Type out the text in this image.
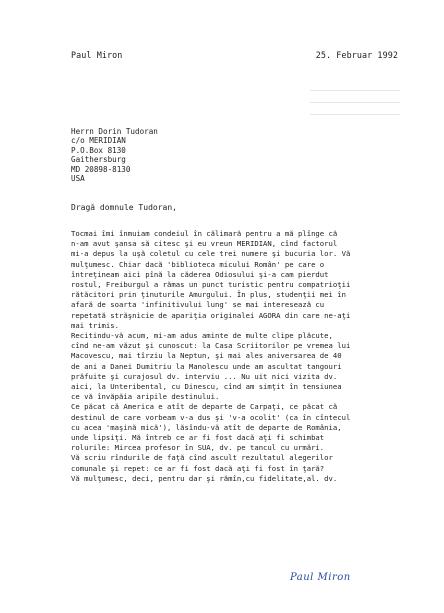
Paul Miron	25. Februar 1992
Herrn Dorin Tudoran
c/o MERIDIAN
P.O.Box 8130
Gaithersburg
MD 20898-8130
USA
Dragă domnule Tudoran,
Tocmai îmi înmuiam condeiul în călimară pentru a mă plînge că
n-am avut şansa să citesc şi eu vreun MERIDIAN, cînd factorul
mi-a depus la uşă coletul cu cele trei numere şi bucuria lor. Vă
mulţumesc. Chiar dacă 'biblioteca micului Român' pe care o
întreţineam aici pînă la căderea Odiosului şi-a cam pierdut
rostul, Freiburgul a rămas un punct turistic pentru compatrioţii
rătăcitori prin ţinuturile Amurgului. În plus, studenţii mei în
afară de soarta 'infinitivului lung' se mai interesează cu
repetată străşnicie de apariţia originalei AGORA din care ne-aţi
mai trimis.
Recitindu-vă acum, mi-am adus aminte de multe clipe plăcute,
cînd ne-am văzut şi cunoscut: la Casa Scriitorilor pe vremea lui
Macovescu, mai tîrziu la Neptun, şi mai ales aniversarea de 40
de ani a Danei Dumitriu la Manolescu unde am ascultat tangouri
prăfuite şi curajosul dv. interviu ... Nu uit nici vizita dv.
aici, la Unteribental, cu Dinescu, cînd am simţit în tensiunea
ce vă învăpăia aripile destinului.
Ce păcat că America e atît de departe de Carpaţi, ce păcat că
destinul de care vorbeam v-a dus şi 'v-a ocolit' (ca în cîntecul
cu acea 'maşină mică'), lăsîndu-vă atît de departe de România,
unde lipsiţi. Mă întreb ce ar fi fost dacă aţi fi schimbat
rolurile: Mircea profesor în SUA, dv. pe tancul cu urmări.
Vă scriu rîndurile de faţă cînd ascult rezultatul alegerilor
comunale şi repet: ce ar fi fost dacă aţi fi fost în ţară?
Vă mulţumesc, deci, pentru dar şi rămîn,cu fidelitate,al. dv.
Paul Miron
